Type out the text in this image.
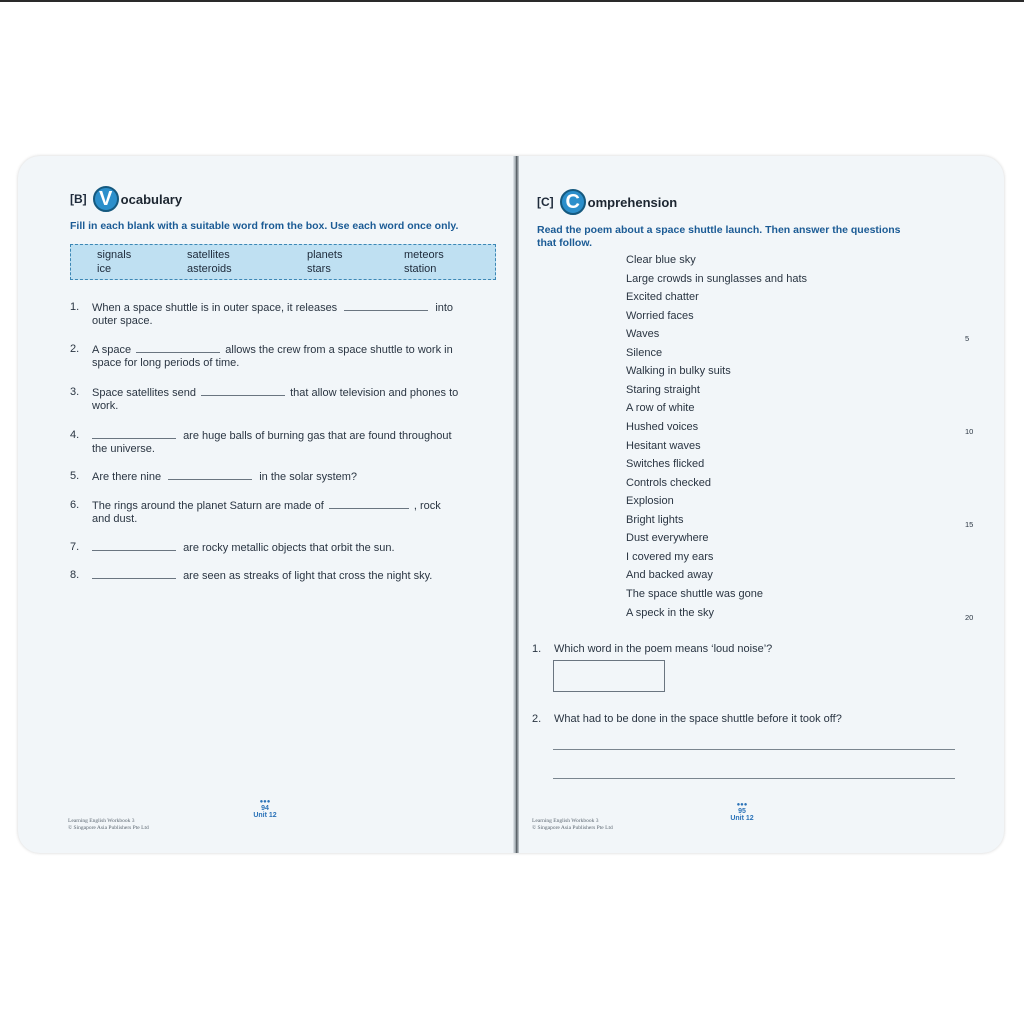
[B] V ocabulary
Fill in each blank with a suitable word from the box. Use each word once only.
signals	satellites	planets	meteors
ice	asteroids	stars	station
1. When a space shuttle is in outer space, it releases	into
outer space.
2. A space	allows the crew from a space shuttle to work in
space for long periods of time.
3. Space satellites send	that allow television and phones to
work.
4.	are huge balls of burning gas that are found throughout
the universe.
5. Are there nine	in the solar system?
6. The rings around the planet Saturn are made of	, rock
and dust.
7.	are rocky metallic objects that orbit the sun.
8.	are seen as streaks of light that cross the night sky.
Learning English Workbook 3
© Singapore Asia Publishers Pte Ltd
●●●
94
Unit 12
[C] C omprehension
Read the poem about a space shuttle launch. Then answer the questions
that follow.
Clear blue sky
Large crowds in sunglasses and hats
Excited chatter
Worried faces
Waves
Silence
Walking in bulky suits
Staring straight
A row of white
Hushed voices
Hesitant waves
Switches flicked
Controls checked
Explosion
Bright lights
Dust everywhere
I covered my ears
And backed away
The space shuttle was gone
A speck in the sky
5
10
15
20
1. Which word in the poem means ‘loud noise’?
2. What had to be done in the space shuttle before it took off?
Learning English Workbook 3
© Singapore Asia Publishers Pte Ltd
●●●
95
Unit 12
